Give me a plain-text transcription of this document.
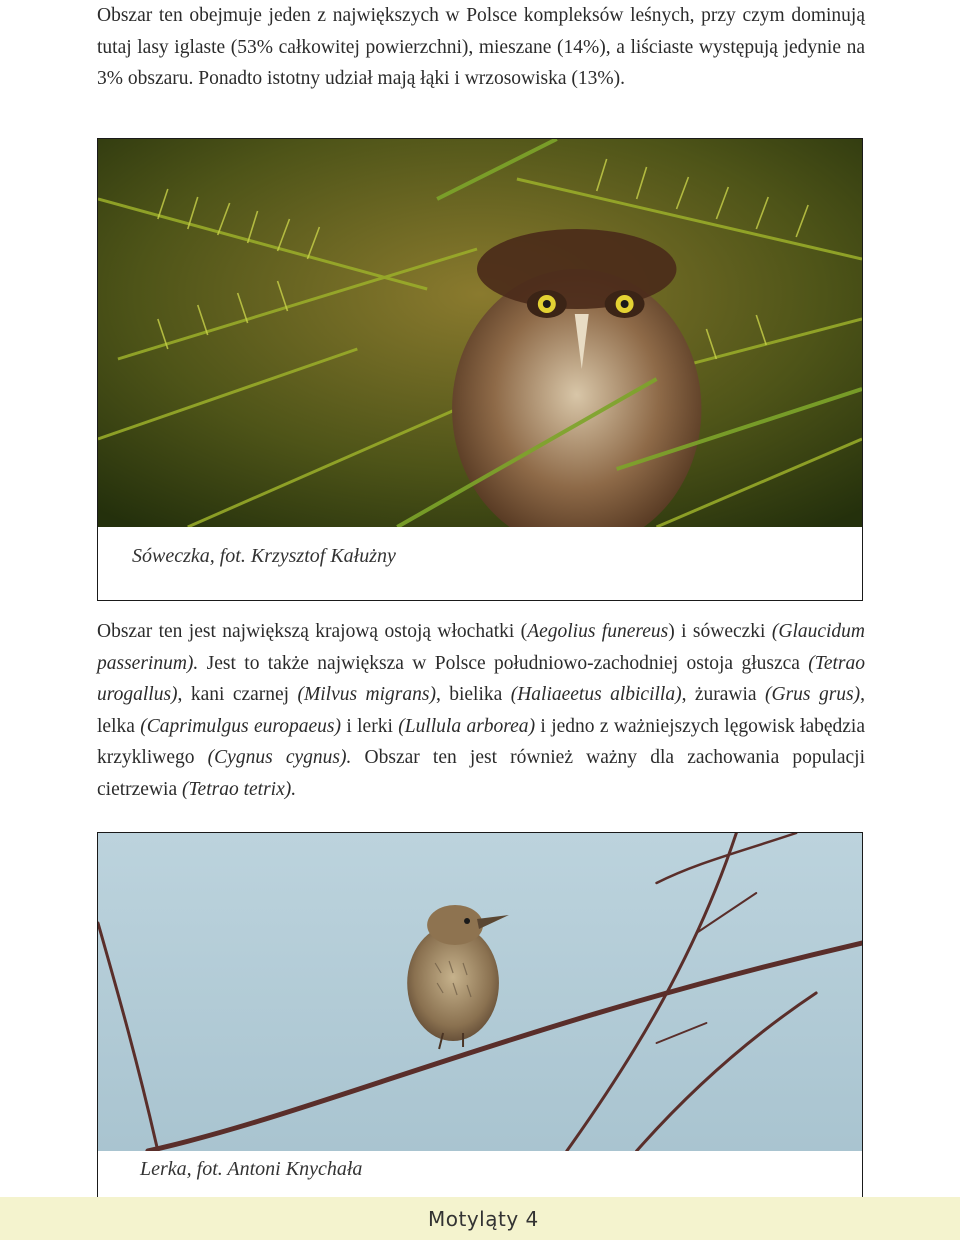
Obszar ten obejmuje jeden z największych w Polsce kompleksów leśnych, przy czym dominują tutaj lasy iglaste (53% całkowitej powierzchni), mieszane (14%), a liściaste występują jedynie na 3% obszaru. Ponadto istotny udział mają łąki i wrzosowiska (13%).

Sóweczka, fot. Krzysztof Kałużny

Obszar ten jest największą krajową ostoją włochatki (Aegolius funereus) i sóweczki (Glaucidum passerinum). Jest to także największa w Polsce południowo-zachodniej ostoja głuszca (Tetrao urogallus), kani czarnej (Milvus migrans), bielika (Haliaeetus albicilla), żurawia (Grus grus), lelka (Caprimulgus europaeus) i lerki (Lullula arborea) i jedno z ważniejszych lęgowisk łabędzia krzykliwego (Cygnus cygnus). Obszar ten jest również ważny dla zachowania populacji cietrzewia (Tetrao tetrix).

Lerka, fot. Antoni Knychała
Motyląty 4
